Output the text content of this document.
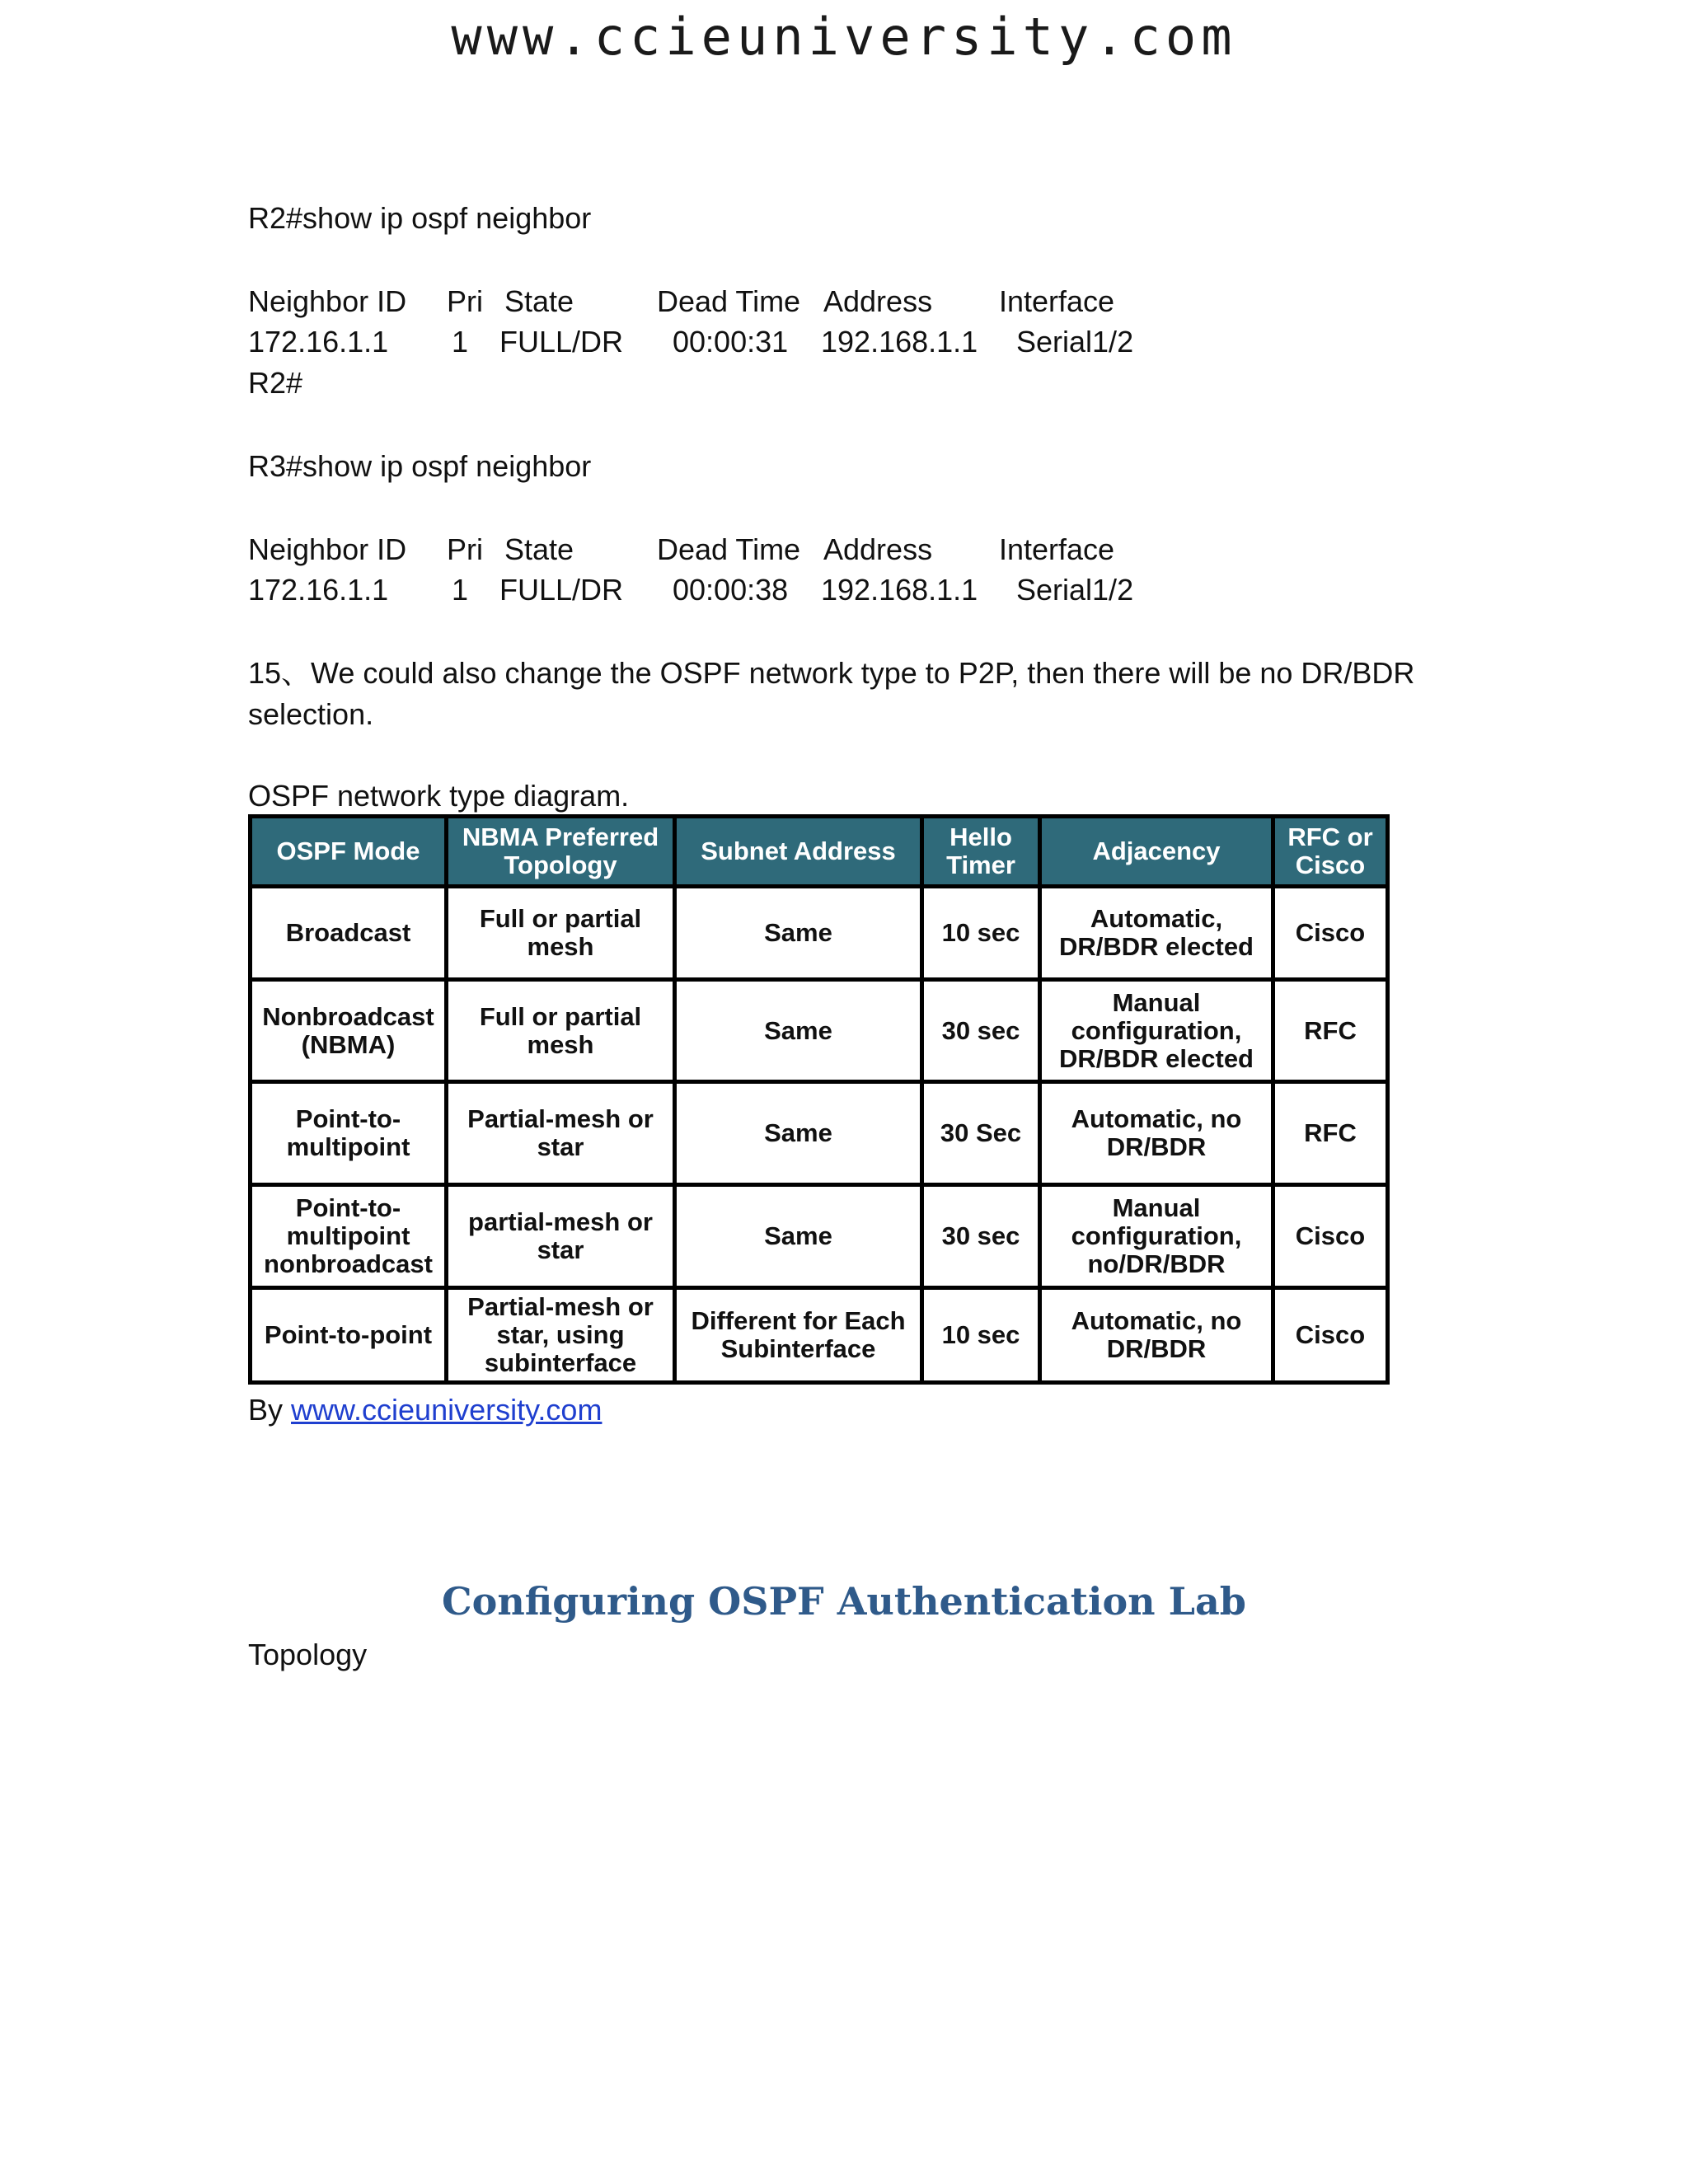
www.ccieuniversity.com
R2#show ip ospf neighbor
Neighbor ID Pri State	Dead Time Address Interface
172.16.1.1 1 FULL/DR 00:00:31 192.168.1.1 Serial1/2
R2#
R3#show ip ospf neighbor
Neighbor ID Pri State	Dead Time Address Interface
172.16.1.1 1 FULL/DR 00:00:38 192.168.1.1 Serial1/2
15、We could also change the OSPF network type to P2P, then there will be no DR/BDR selection.
OSPF network type diagram.
OSPF Mode	NBMA Preferred Topology	Subnet Address	Hello Timer	Adjacency	RFC or Cisco
Broadcast	Full or partial mesh	Same	10 sec	Automatic, DR/BDR elected	Cisco
Nonbroadcast (NBMA)	Full or partial mesh	Same	30 sec	Manual configuration, DR/BDR elected	RFC
Point-to-multipoint	Partial-mesh or star	Same	30 Sec	Automatic, no DR/BDR	RFC
Point-to-multipoint nonbroadcast	partial-mesh or star	Same	30 sec	Manual configuration, no/DR/BDR	Cisco
Point-to-point	Partial-mesh or star, using subinterface	Different for Each Subinterface	10 sec	Automatic, no DR/BDR	Cisco
By www.ccieuniversity.com
Configuring OSPF Authentication Lab
Topology
